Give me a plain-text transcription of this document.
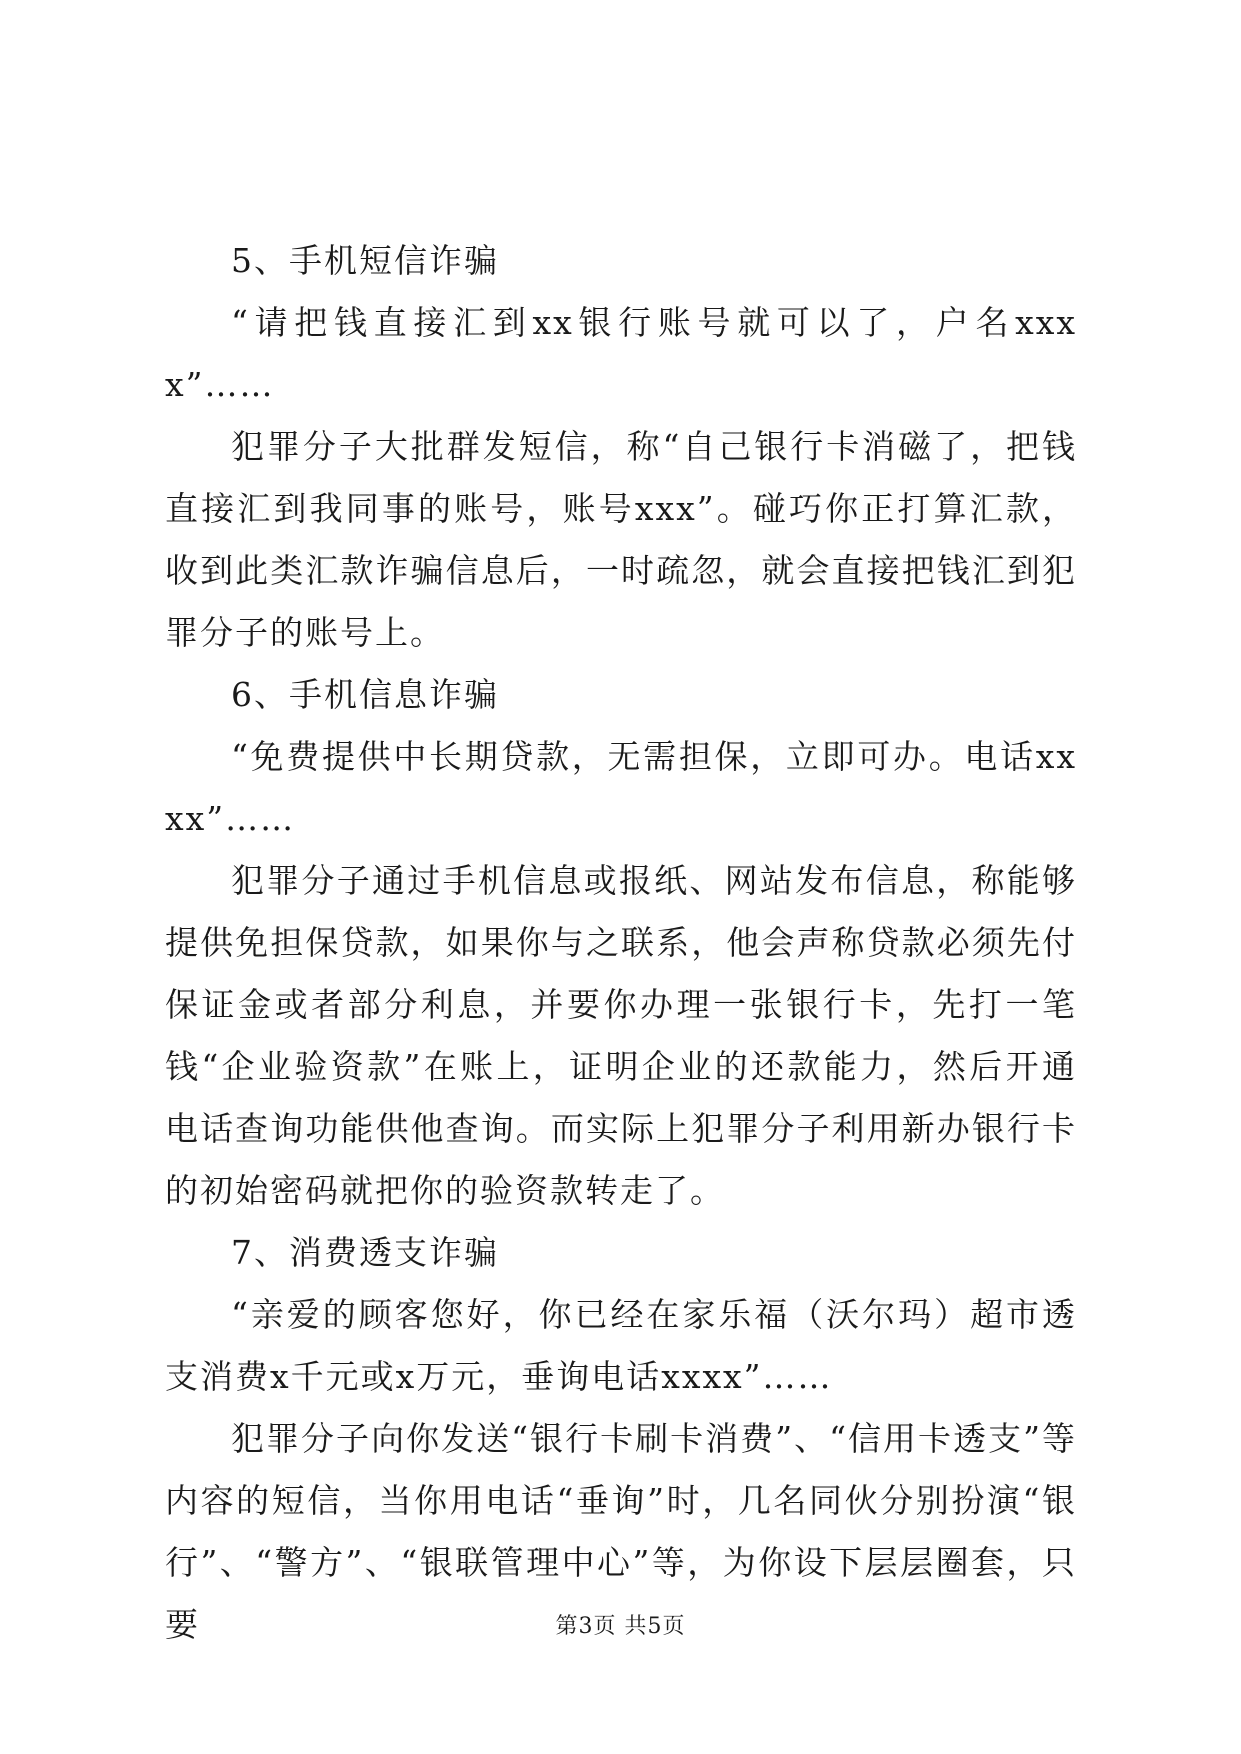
5、手机短信诈骗

“请把钱直接汇到xx银行账号就可以了，户名xxxx”……

犯罪分子大批群发短信，称“自己银行卡消磁了，把钱直接汇到我同事的账号，账号xxx”。碰巧你正打算汇款，收到此类汇款诈骗信息后，一时疏忽，就会直接把钱汇到犯罪分子的账号上。

6、手机信息诈骗

“免费提供中长期贷款，无需担保，立即可办。电话xxxx”……

犯罪分子通过手机信息或报纸、网站发布信息，称能够提供免担保贷款，如果你与之联系，他会声称贷款必须先付保证金或者部分利息，并要你办理一张银行卡，先打一笔钱“企业验资款”在账上，证明企业的还款能力，然后开通电话查询功能供他查询。而实际上犯罪分子利用新办银行卡的初始密码就把你的验资款转走了。

7、消费透支诈骗

“亲爱的顾客您好，你已经在家乐福（沃尔玛）超市透支消费x千元或x万元，垂询电话xxxx”……

犯罪分子向你发送“银行卡刷卡消费”、“信用卡透支”等内容的短信，当你用电话“垂询”时，几名同伙分别扮演“银行”、“警方”、“银联管理中心”等，为你设下层层圈套，只要	第3页 共5页
